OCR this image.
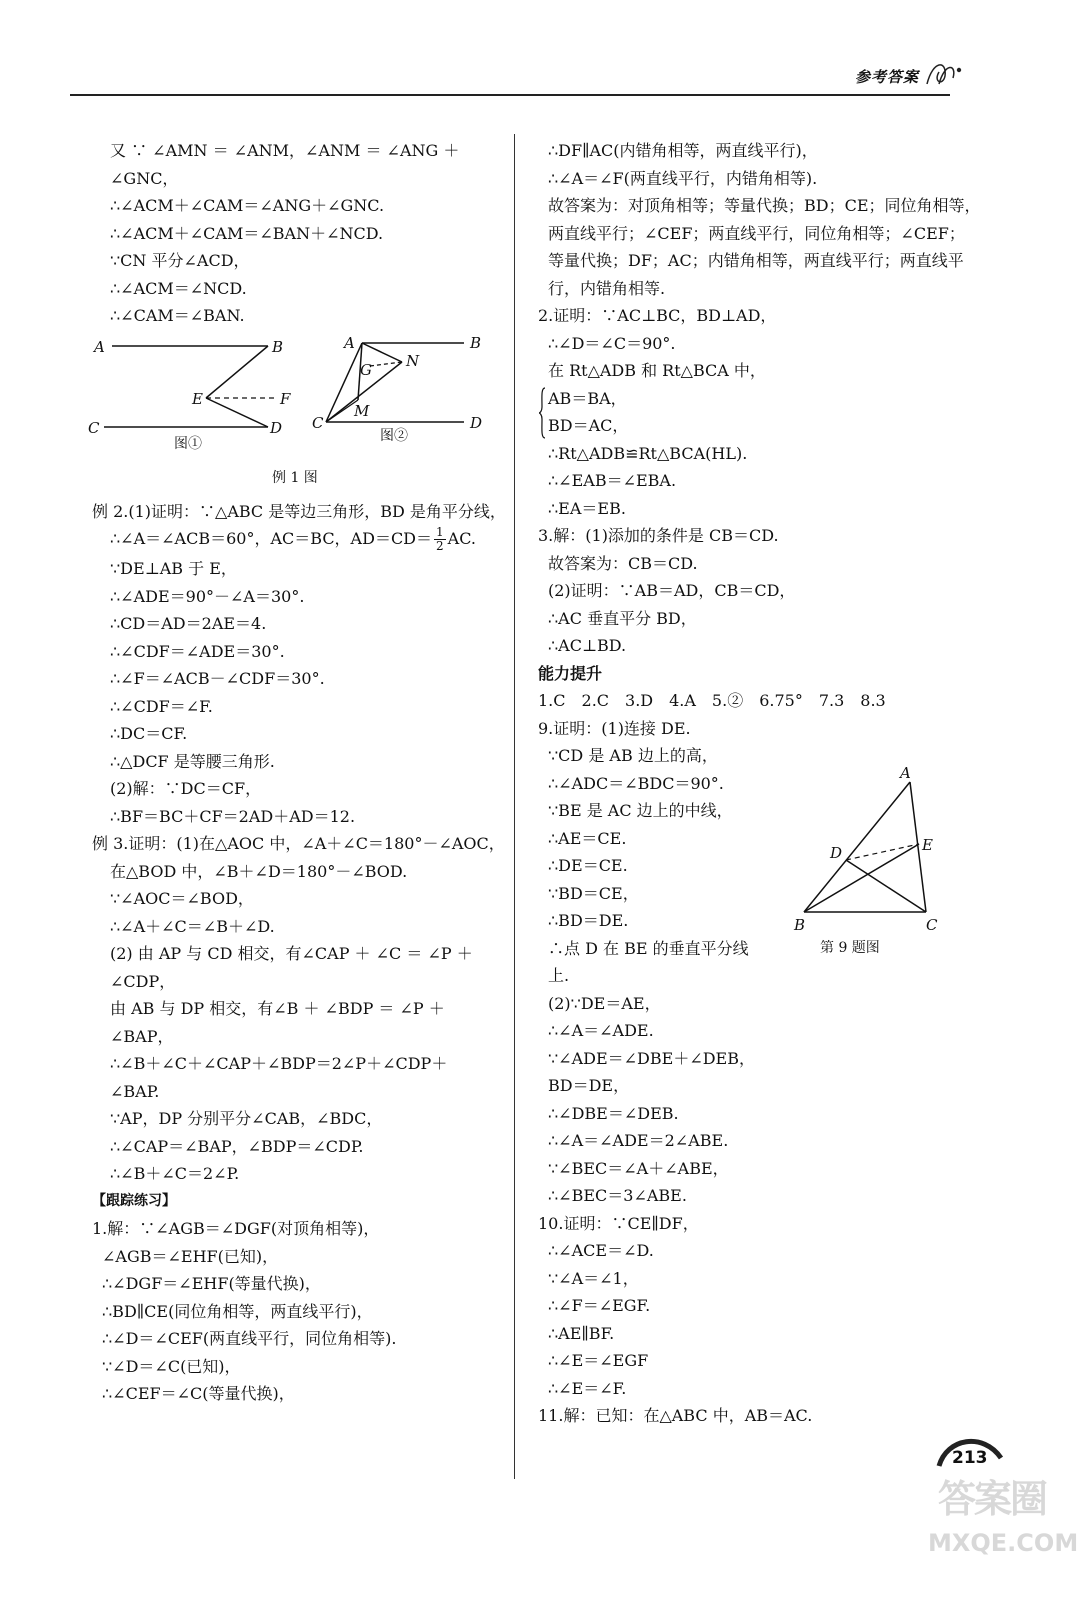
参考答案
又 ∵ ∠AMN ＝ ∠ANM，∠ANM ＝ ∠ANG ＋
∠GNC，
∴∠ACM＋∠CAM＝∠ANG＋∠GNC.
∴∠ACM＋∠CAM＝∠BAN＋∠NCD.
∵CN 平分∠ACD，
∴∠ACM＝∠NCD.
∴∠CAM＝∠BAN.
A	B
E	F
C	D
图①
A	B
G N
M
C	D
图②
例 1 图
例 2.(1)证明：∵△ABC 是等边三角形，BD 是角平分线，
∴∠A＝∠ACB＝60°，AC＝BC，$AD=CD= \frac{1}{2}$ AC.
∵DE⊥AB 于 E，
∴∠ADE＝90°－∠A＝30°.
∴CD＝AD＝2AE＝4.
∴∠CDF＝∠ADE＝30°.
∴∠F＝∠ACB－∠CDF＝30°.
∴∠CDF＝∠F.
∴DC＝CF.
∴△DCF 是等腰三角形.
(2)解：∵DC＝CF，
∴BF＝BC＋CF＝2AD＋AD＝12.
例 3.证明：(1)在△AOC 中，∠A＋∠C＝180°－∠AOC，
在△BOD 中，∠B＋∠D＝180°－∠BOD.
∵∠AOC＝∠BOD，
∴∠A＋∠C＝∠B＋∠D.
(2) 由 AP 与 CD 相交，有∠CAP ＋ ∠C ＝ ∠P ＋
∠CDP，
由 AB 与 DP 相交，有∠B ＋ ∠BDP ＝ ∠P ＋
∠BAP，
∴∠B＋∠C＋∠CAP＋∠BDP＝2∠P＋∠CDP＋
∠BAP.
∵AP，DP 分别平分∠CAB，∠BDC，
∴∠CAP＝∠BAP，∠BDP＝∠CDP.
∴∠B＋∠C＝2∠P.
【跟踪练习】
1.解：∵∠AGB＝∠DGF(对顶角相等)，
∠AGB＝∠EHF(已知)，
∴∠DGF＝∠EHF(等量代换)，
∴BD∥CE(同位角相等，两直线平行)，
∴∠D＝∠CEF(两直线平行，同位角相等).
∵∠D＝∠C(已知)，
∴∠CEF＝∠C(等量代换)，
∴DF∥AC(内错角相等，两直线平行)，
∴∠A＝∠F(两直线平行，内错角相等).
故答案为：对顶角相等；等量代换；BD；CE；同位角相等，
两直线平行；∠CEF；两直线平行，同位角相等；∠CEF；
等量代换；DF；AC；内错角相等，两直线平行；两直线平
行，内错角相等.
2.证明：∵AC⊥BC，BD⊥AD，
∴∠D＝∠C＝90°.
在 Rt△ADB 和 Rt△BCA 中，
AB＝BA，
BD＝AC，
∴Rt△ADB≌Rt△BCA(HL).
∴∠EAB＝∠EBA.
∴EA＝EB.
3.解：(1)添加的条件是 CB＝CD.
故答案为：CB＝CD.
(2)证明：∵AB＝AD，CB＝CD，
∴AC 垂直平分 BD，
∴AC⊥BD.
能力提升
1.C　2.C　3.D　4.A　5.②　6.75°　7.3　8.3
9.证明：(1)连接 DE.
∵CD 是 AB 边上的高，
∴∠ADC＝∠BDC＝90°.
∵BE 是 AC 边上的中线，
∴AE＝CE.
∴DE＝CE.
∵BD＝CE，
∴BD＝DE.
∴点 D 在 BE 的垂直平分线
上.
(2)∵DE＝AE，
∴∠A＝∠ADE.
∵∠ADE＝∠DBE＋∠DEB，
BD＝DE，
∴∠DBE＝∠DEB.
∴∠A＝∠ADE＝2∠ABE.
∵∠BEC＝∠A＋∠ABE，
∴∠BEC＝3∠ABE.
10.证明：∵CE∥DF，
∴∠ACE＝∠D.
∵∠A＝∠1，
∴∠F＝∠EGF.
∴AE∥BF.
∴∠E＝∠EGF
∴∠E＝∠F.
11.解：已知：在△ABC 中，AB＝AC.
A
D	E
B	C
第 9 题图
213
答案圈
MXQE.COM
